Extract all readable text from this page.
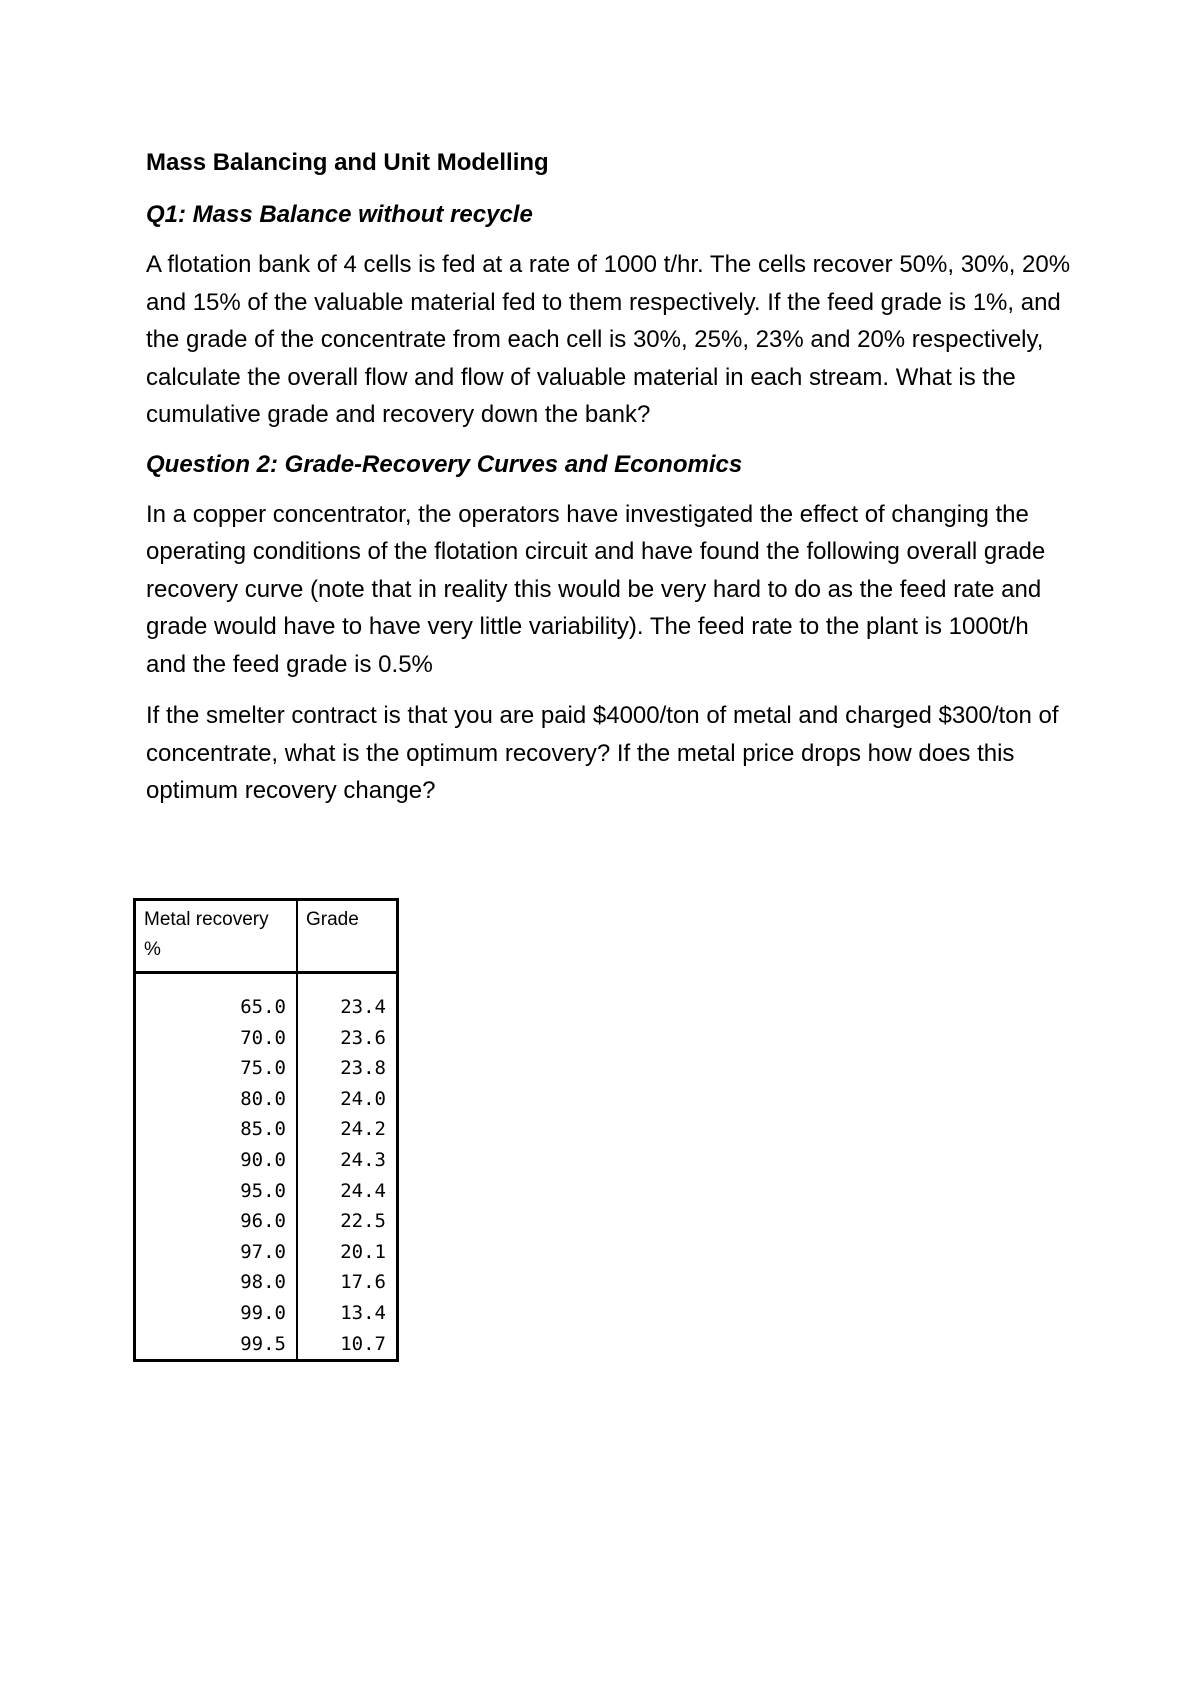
Mass Balancing and Unit Modelling
Q1: Mass Balance without recycle
A flotation bank of 4 cells is fed at a rate of 1000 t/hr. The cells recover 50%, 30%, 20% and 15% of the valuable material fed to them respectively. If the feed grade is 1%, and the grade of the concentrate from each cell is 30%, 25%, 23% and 20% respectively, calculate the overall flow and flow of valuable material in each stream. What is the cumulative grade and recovery down the bank?
Question 2: Grade-Recovery Curves and Economics
In a copper concentrator, the operators have investigated the effect of changing the operating conditions of the flotation circuit and have found the following overall grade recovery curve (note that in reality this would be very hard to do as the feed rate and grade would have to have very little variability). The feed rate to the plant is 1000t/h and the feed grade is 0.5%
If the smelter contract is that you are paid $4000/ton of metal and charged $300/ton of concentrate, what is the optimum recovery? If the metal price drops how does this optimum recovery change?
Metal recovery %	Grade

65.0	23.4
70.0	23.6
75.0	23.8
80.0	24.0
85.0	24.2
90.0	24.3
95.0	24.4
96.0	22.5
97.0	20.1
98.0	17.6
99.0	13.4
99.5	10.7
